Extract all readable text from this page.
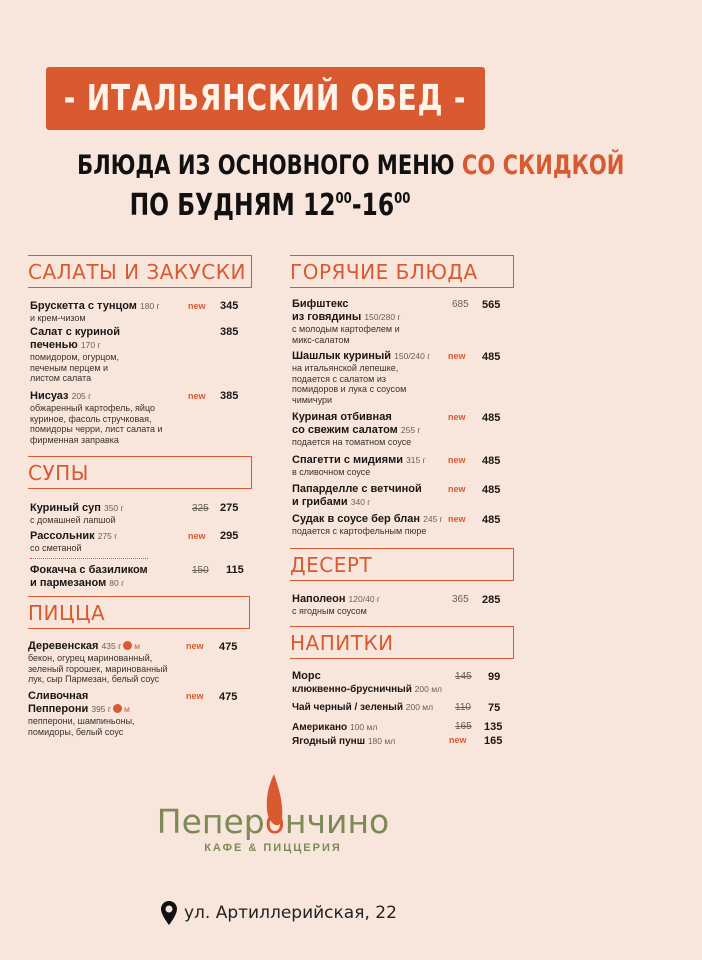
- ИТАЛЬЯНСКИЙ ОБЕД -
БЛЮДА ИЗ ОСНОВНОГО МЕНЮ СО СКИДКОЙ
ПО БУДНЯМ $12^{00}-16^{00}$
САЛАТЫ И ЗАКУСКИ
Брускетта с тунцом 180 г
и крем-чизом
new 345
Салат с куриной
печенью 170 г
помидором, огурцом, печеным перцем и листом салата
385
Нисуаз 205 г
обжаренный картофель, яйцо куриное, фасоль стручковая, помидоры черри, лист салата и фирменная заправка
new 385
СУПЫ
Куриный суп 350 г
с домашней лапшой
325 275
Рассольник 275 г
со сметаной
new 295
Фокачча с базиликом
и пармезаном 80 г
150 115
ПИЦЦА
Деревенская 435 г м
бекон, огурец маринованный, зеленый горошек, маринованный лук, сыр Пармезан, белый соус
new 475
Сливочная
Пепперони 395 г м
пепперони, шампиньоны, помидоры, белый соус
new 475
ГОРЯЧИЕ БЛЮДА
Бифштекс
из говядины 150/280 г
с молодым картофелем и микс-салатом
685 565
Шашлык куриный 150/240 г
на итальянской лепешке, подается с салатом из помидоров и лука с соусом чимичури
new 485
Куриная отбивная
со свежим салатом 255 г
подается на томатном соусе
new 485
Спагетти с мидиями 315 г
в сливочном соусе
new 485
Папарделле с ветчиной
и грибами 340 г
new 485
Судак в соусе бер блан 245 г
подается с картофельным пюре
new 485
ДЕСЕРТ
Наполеон 120/40 г
с ягодным соусом
365 285
НАПИТКИ
Морс
клюквенно-брусничный 200 мл
145 99
Чай черный / зеленый 200 мл	110 75
Американо 100 мл	165 135
Ягодный пунш 180 мл	new 165
Пеперончино
КАФЕ & ПИЦЦЕРИЯ
ул. Артиллерийская, 22
